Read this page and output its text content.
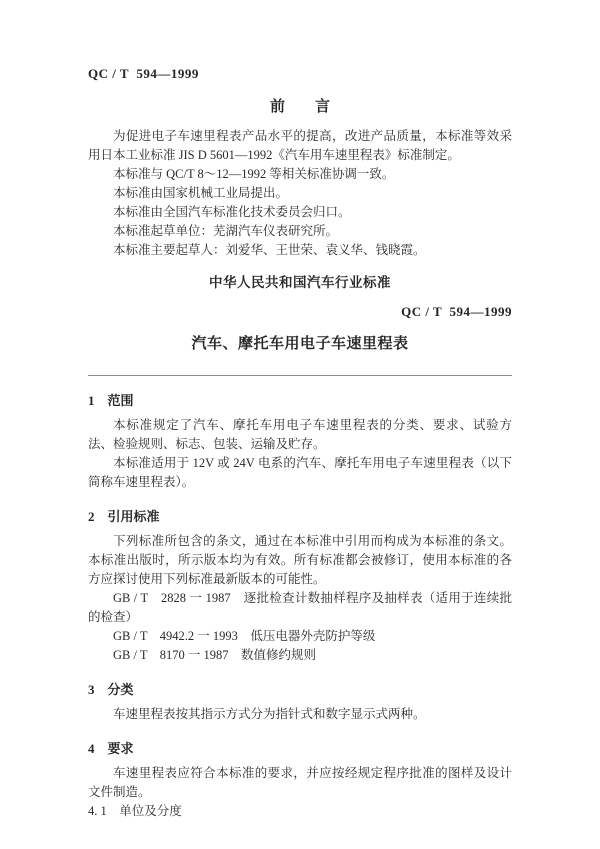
QC / T  594—1999
前　　言

为促进电子车速里程表产品水平的提高，改进产品质量，本标准等效采用日本工业标准 JIS D 5601—1992《汽车用车速里程表》标准制定。

本标准与 QC/T 8～12—1992 等相关标准协调一致。

本标准由国家机械工业局提出。

本标准由全国汽车标准化技术委员会归口。

本标准起草单位：芜湖汽车仪表研究所。

本标准主要起草人：刘爱华、王世荣、袁义华、钱晓霞。

中华人民共和国汽车行业标准
QC / T  594—1999
汽车、摩托车用电子车速里程表
1 范围

本标准规定了汽车、摩托车用电子车速里程表的分类、要求、试验方法、检验规则、标志、包装、运输及贮存。

本标准适用于 12V 或 24V 电系的汽车、摩托车用电子车速里程表（以下简称车速里程表）。

2 引用标准

下列标准所包含的条文，通过在本标准中引用而构成为本标准的条文。本标准出版时，所示版本均为有效。所有标准都会被修订，使用本标准的各方应探讨使用下列标准最新版本的可能性。

GB / T　2828 一 1987　逐批检查计数抽样程序及抽样表（适用于连续批的检查）

GB / T　4942.2 一 1993　低压电器外壳防护等级

GB / T　8170 一 1987　数值修约规则

3 分类

车速里程表按其指示方式分为指针式和数字显示式两种。

4 要求

车速里程表应符合本标准的要求，并应按经规定程序批准的图样及设计文件制造。

4. 1　单位及分度
